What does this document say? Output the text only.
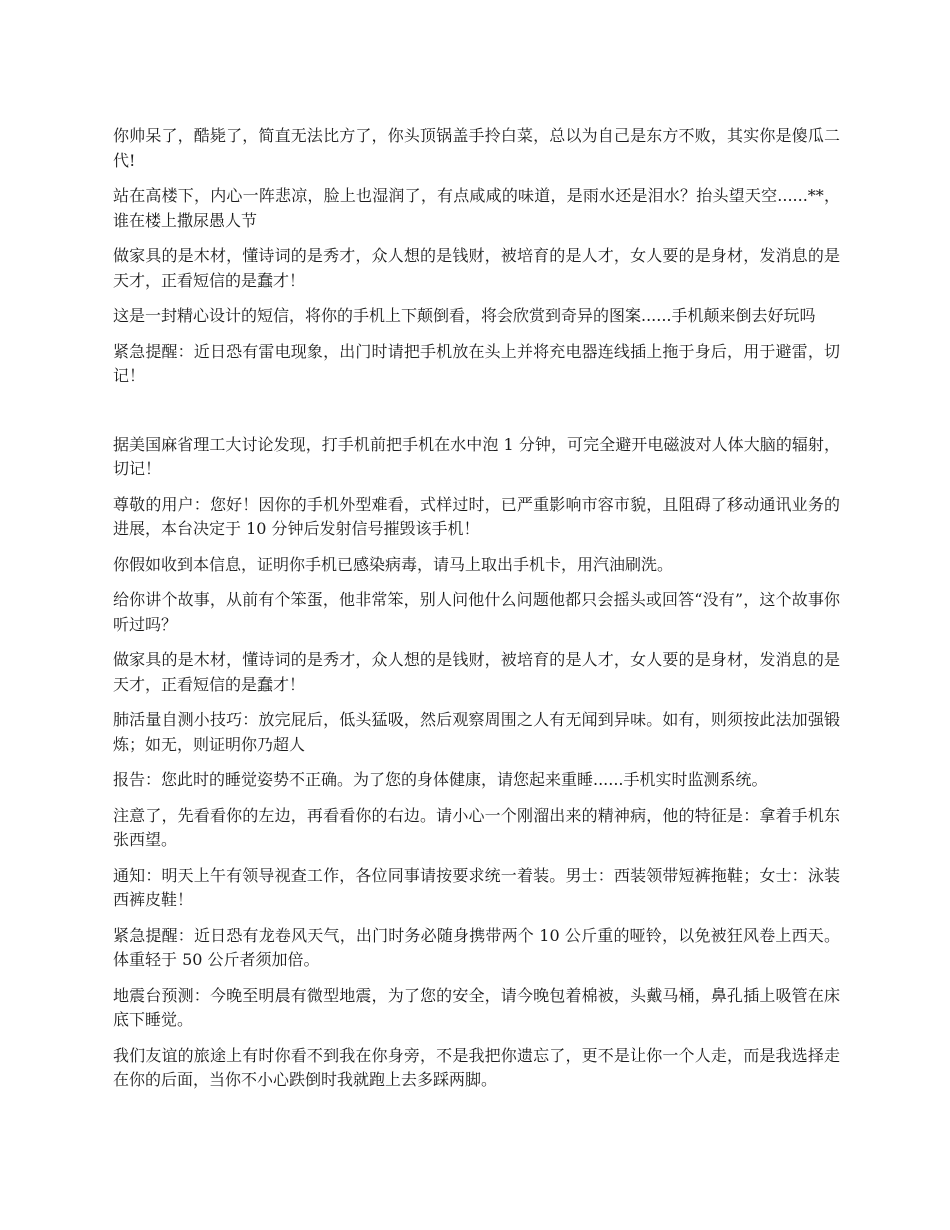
你帅呆了，酷毙了，简直无法比方了，你头顶锅盖手拎白菜，总以为自己是东方不败，其实你是傻瓜二代!

站在高楼下，内心一阵悲凉，脸上也湿润了，有点咸咸的味道，是雨水还是泪水？抬头望天空......**，谁在楼上撒尿愚人节

做家具的是木材，懂诗词的是秀才，众人想的是钱财，被培育的是人才，女人要的是身材，发消息的是天才，正看短信的是蠢才！

这是一封精心设计的短信，将你的手机上下颠倒看，将会欣赏到奇异的图案......手机颠来倒去好玩吗

紧急提醒：近日恐有雷电现象，出门时请把手机放在头上并将充电器连线插上拖于身后，用于避雷，切记！

据美国麻省理工大讨论发现，打手机前把手机在水中泡 1 分钟，可完全避开电磁波对人体大脑的辐射，切记！

尊敬的用户：您好！因你的手机外型难看，式样过时，已严重影响市容市貌，且阻碍了移动通讯业务的进展，本台决定于 10 分钟后发射信号摧毁该手机！

你假如收到本信息，证明你手机已感染病毒，请马上取出手机卡，用汽油刷洗。

给你讲个故事，从前有个笨蛋，他非常笨，别人问他什么问题他都只会摇头或回答“没有”，这个故事你听过吗？

做家具的是木材，懂诗词的是秀才，众人想的是钱财，被培育的是人才，女人要的是身材，发消息的是天才，正看短信的是蠢才！

肺活量自测小技巧：放完屁后，低头猛吸，然后观察周围之人有无闻到异味。如有，则须按此法加强锻炼；如无，则证明你乃超人

报告：您此时的睡觉姿势不正确。为了您的身体健康，请您起来重睡......手机实时监测系统。

注意了，先看看你的左边，再看看你的右边。请小心一个刚溜出来的精神病，他的特征是：拿着手机东张西望。

通知：明天上午有领导视查工作，各位同事请按要求统一着装。男士：西装领带短裤拖鞋；女士：泳装西裤皮鞋！

紧急提醒：近日恐有龙卷风天气，出门时务必随身携带两个 10 公斤重的哑铃，以免被狂风卷上西天。体重轻于 50 公斤者须加倍。

地震台预测：今晚至明晨有微型地震，为了您的安全，请今晚包着棉被，头戴马桶，鼻孔插上吸管在床底下睡觉。

我们友谊的旅途上有时你看不到我在你身旁，不是我把你遗忘了，更不是让你一个人走，而是我选择走在你的后面，当你不小心跌倒时我就跑上去多踩两脚。
